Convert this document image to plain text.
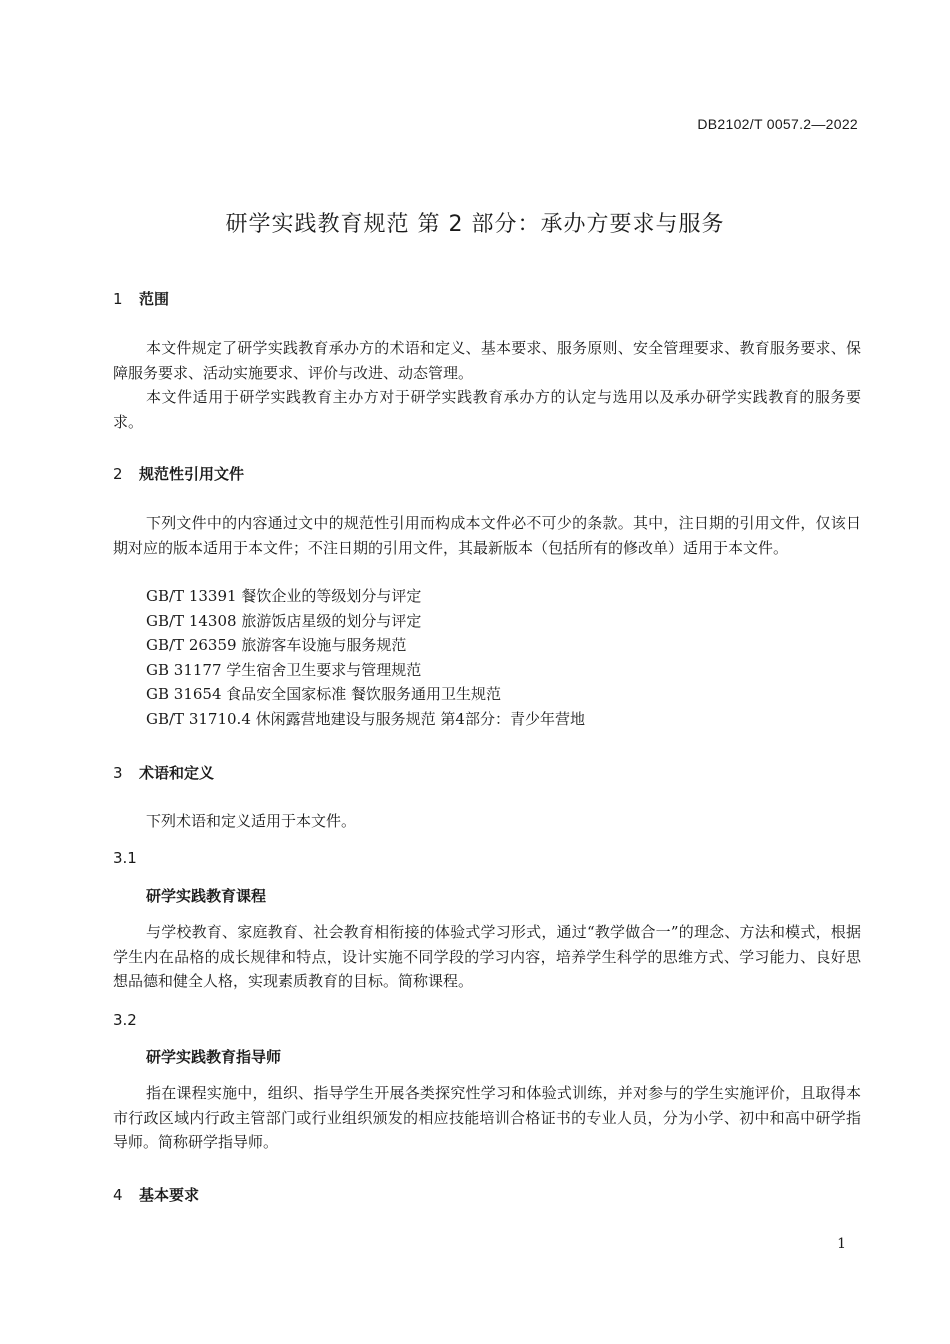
DB2102/T 0057.2—2022
研学实践教育规范 第 2 部分：承办方要求与服务
1 范围

本文件规定了研学实践教育承办方的术语和定义、基本要求、服务原则、安全管理要求、教育服务要求、保障服务要求、活动实施要求、评价与改进、动态管理。

本文件适用于研学实践教育主办方对于研学实践教育承办方的认定与选用以及承办研学实践教育的服务要求。

2 规范性引用文件

下列文件中的内容通过文中的规范性引用而构成本文件必不可少的条款。其中，注日期的引用文件，仅该日期对应的版本适用于本文件；不注日期的引用文件，其最新版本（包括所有的修改单）适用于本文件。

GB/T 13391 餐饮企业的等级划分与评定
GB/T 14308 旅游饭店星级的划分与评定
GB/T 26359 旅游客车设施与服务规范
GB 31177 学生宿舍卫生要求与管理规范
GB 31654 食品安全国家标准 餐饮服务通用卫生规范
GB/T 31710.4 休闲露营地建设与服务规范 第4部分：青少年营地
3 术语和定义

下列术语和定义适用于本文件。

3.1
研学实践教育课程

与学校教育、家庭教育、社会教育相衔接的体验式学习形式，通过“教学做合一”的理念、方法和模式，根据学生内在品格的成长规律和特点，设计实施不同学段的学习内容，培养学生科学的思维方式、学习能力、良好思想品德和健全人格，实现素质教育的目标。简称课程。

3.2
研学实践教育指导师

指在课程实施中，组织、指导学生开展各类探究性学习和体验式训练，并对参与的学生实施评价，且取得本市行政区域内行政主管部门或行业组织颁发的相应技能培训合格证书的专业人员，分为小学、初中和高中研学指导师。简称研学指导师。

4 基本要求
1
